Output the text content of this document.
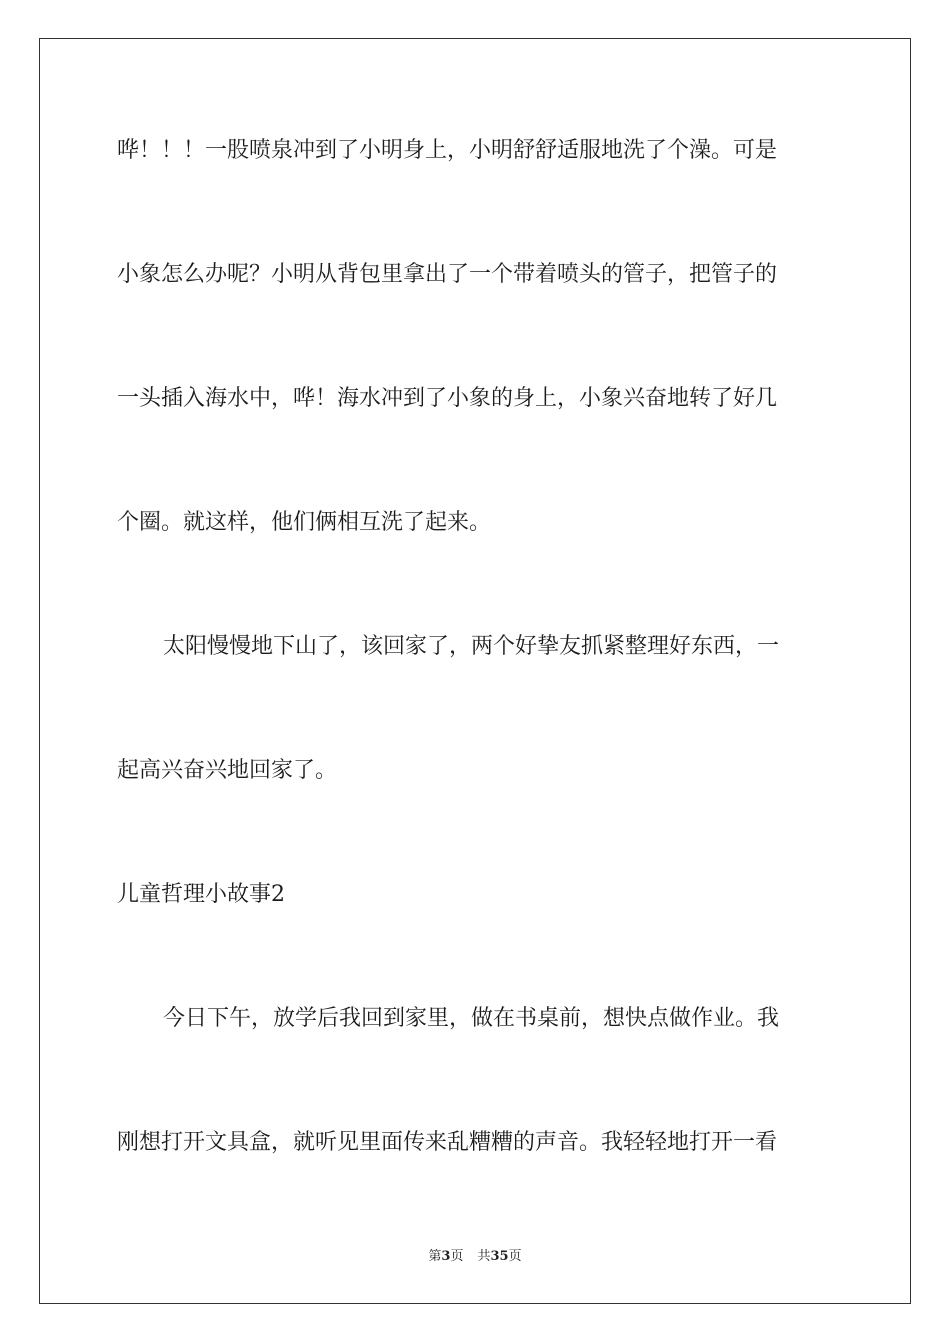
哗！！！一股喷泉冲到了小明身上，小明舒舒适服地洗了个澡。可是
小象怎么办呢？小明从背包里拿出了一个带着喷头的管子，把管子的
一头插入海水中，哗！海水冲到了小象的身上，小象兴奋地转了好几
个圈。就这样，他们俩相互洗了起来。
太阳慢慢地下山了，该回家了，两个好挚友抓紧整理好东西，一
起高兴奋兴地回家了。
儿童哲理小故事2
今日下午，放学后我回到家里，做在书桌前，想快点做作业。我
刚想打开文具盒，就听见里面传来乱糟糟的声音。我轻轻地打开一看
第3页 共35页
